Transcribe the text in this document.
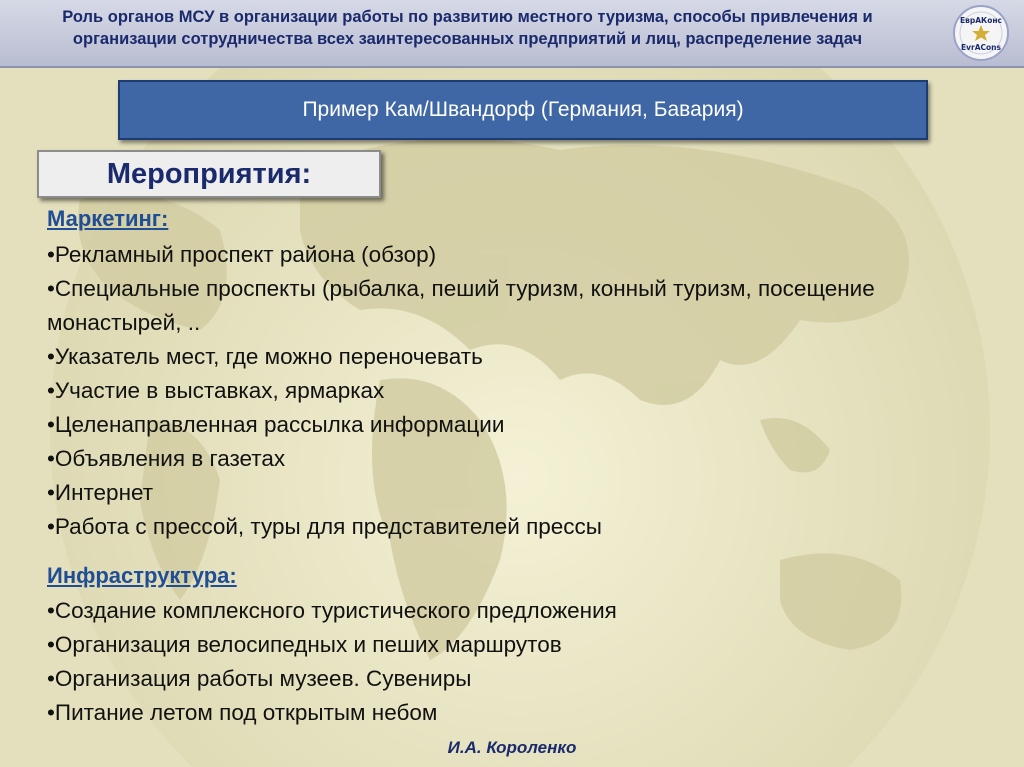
Роль органов МСУ в организации работы по развитию местного туризма, способы привлечения и
организации сотрудничества всех заинтересованных предприятий и лиц, распределение задач
ЕврАКонс
EvrACons
Пример Кам/Швандорф (Германия, Бавария)
Мероприятия:
Маркетинг:
• Рекламный проспект района (обзор)
• Специальные проспекты (рыбалка, пеший туризм, конный туризм, посещение монастырей, ..
• Указатель мест, где можно переночевать
• Участие в выставках, ярмарках
• Целенаправленная рассылка информации
• Объявления в газетах
• Интернет
• Работа с прессой, туры для представителей прессы
Инфраструктура:
• Создание комплексного туристического предложения
• Организация велосипедных и пеших маршрутов
• Организация работы музеев. Сувениры
• Питание летом под открытым небом
И.А. Короленко
